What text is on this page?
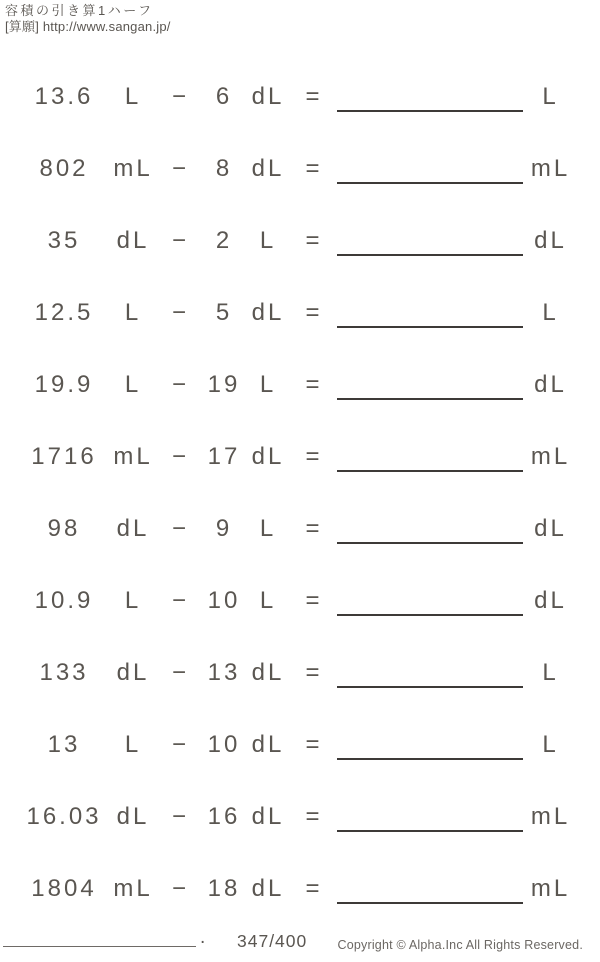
容積の引き算1ハーフ
[算願] http://www.sangan.jp/
13.6	L	−	6 dL =	L
802	mL −	8 dL =	mL
35	dL −	2	L	=	dL
12.5	L	−	5 dL =	L
19.9	L	− 19 L	=	dL
1716 mL − 17 dL =	mL
98	dL −	9	L	=	dL
10.9	L	− 10 L	=	dL
133	dL − 13 dL =	L
13	L	− 10 dL =	L
16.03 dL − 16 dL =	mL
1804 mL − 18 dL =	mL
. 347/400 Copyright © Alpha.Inc All Rights Reserved.
